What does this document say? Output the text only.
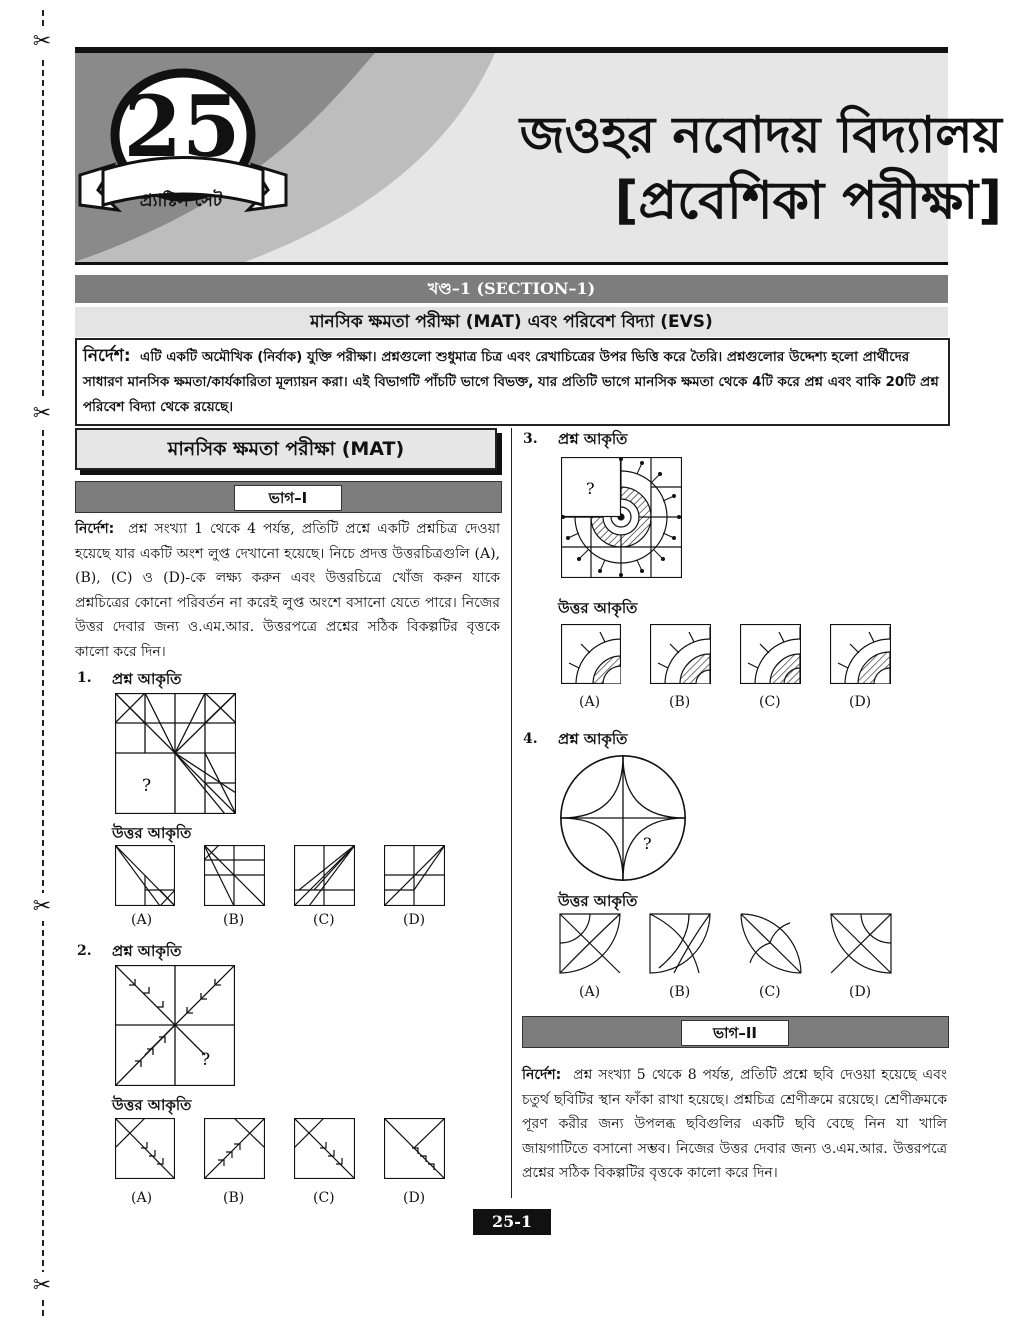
✂
✂
✂
✂
25
প্র্যাক্টিস সেট
জওহর নবোদয় বিদ্যালয়
[প্রবেশিকা পরীক্ষা]
খণ্ড–1 (SECTION–1)
মানসিক ক্ষমতা পরীক্ষা (MAT) এবং পরিবেশ বিদ্যা (EVS)
নির্দেশ: এটি একটি অমৌখিক (নির্বাক) যুক্তি পরীক্ষা। প্রশ্নগুলো শুধুমাত্র চিত্র এবং রেখাচিত্রের উপর ভিত্তি করে তৈরি। প্রশ্নগুলোর উদ্দেশ্য হলো প্রার্থীদের সাধারণ মানসিক ক্ষমতা/কার্যকারিতা মূল্যায়ন করা। এই বিভাগটি পাঁচটি ভাগে বিভক্ত, যার প্রতিটি ভাগে মানসিক ক্ষমতা থেকে 4টি করে প্রশ্ন এবং বাকি 20টি প্রশ্ন পরিবেশ বিদ্যা থেকে রয়েছে।
মানসিক ক্ষমতা পরীক্ষা (MAT)
ভাগ–I
নির্দেশ: প্রশ্ন সংখ্যা 1 থেকে 4 পর্যন্ত, প্রতিটি প্রশ্নে একটি প্রশ্নচিত্র দেওয়া হয়েছে যার একটি অংশ লুপ্ত দেখানো হয়েছে। নিচে প্রদত্ত উত্তরচিত্রগুলি (A), (B), (C) ও (D)-কে লক্ষ্য করুন এবং উত্তরচিত্রে খোঁজ করুন যাকে প্রশ্নচিত্রের কোনো পরিবর্তন না করেই লুপ্ত অংশে বসানো যেতে পারে। নিজের উত্তর দেবার জন্য ও.এম.আর. উত্তরপত্রে প্রশ্নের সঠিক বিকল্পটির বৃত্তকে কালো করে দিন।
1. প্রশ্ন আকৃতি
?
উত্তর আকৃতি
(A)	(B)	(C)	(D)
2. প্রশ্ন আকৃতি
?
উত্তর আকৃতি
(A)	(B)	(C)	(D)
3. প্রশ্ন আকৃতি
?
উত্তর আকৃতি
(A)	(B)	(C)	(D)
4. প্রশ্ন আকৃতি
?
উত্তর আকৃতি
(A)	(B)	(C)	(D)
ভাগ–II
নির্দেশ: প্রশ্ন সংখ্যা 5 থেকে 8 পর্যন্ত, প্রতিটি প্রশ্নে ছবি দেওয়া হয়েছে এবং চতুর্থ ছবিটির স্থান ফাঁকা রাখা হয়েছে। প্রশ্নচিত্র শ্রেণীক্রমে রয়েছে। শ্রেণীক্রমকে পূরণ করীর জন্য উপলব্ধ ছবিগুলির একটি ছবি বেছে নিন যা খালি জায়গাটিতে বসানো সম্ভব। নিজের উত্তর দেবার জন্য ও.এম.আর. উত্তরপত্রে প্রশ্নের সঠিক বিকল্পটির বৃত্তকে কালো করে দিন।
25-1
